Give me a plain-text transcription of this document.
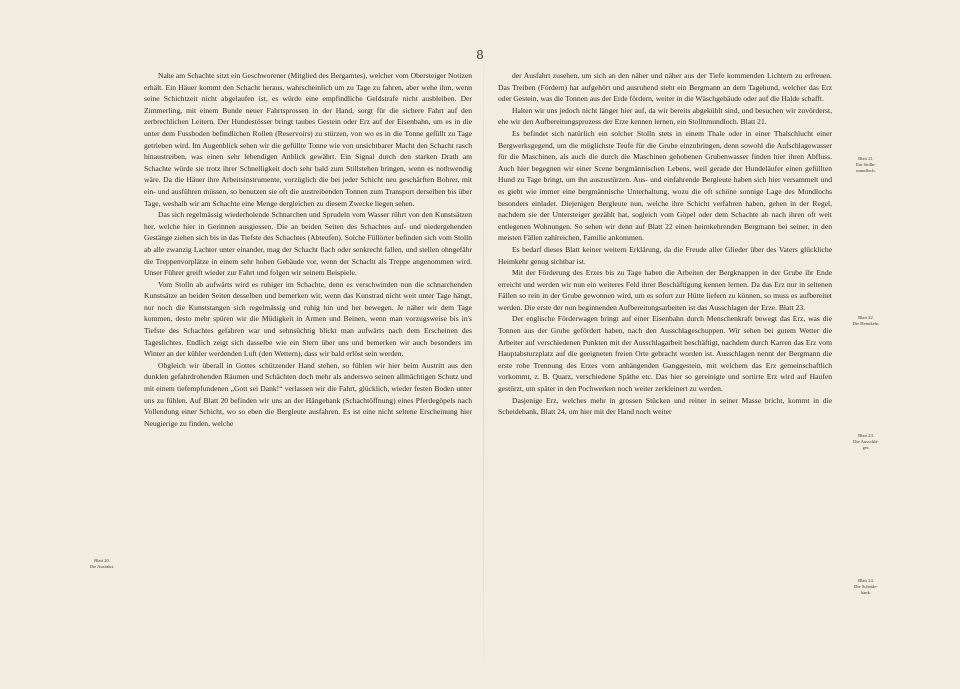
8

Nahe am Schachte sitzt ein Geschworener (Mitglied des Bergamtes), welcher vom Obersteiger Notizen erhält. Ein Häuer kommt den Schacht heraus, wahrscheinlich um zu Tage zu fahren, aber wehe ihm, wenn seine Schichtzeit nicht abgelaufen ist, es würde eine empfindliche Geldstrafe nicht ausbleiben. Der Zimmerling, mit einem Bunde neuer Fahrtsprossen in der Hand, sorgt für die sichere Fahrt auf den zerbrechlichen Leitern. Der Hundestösser bringt taubes Gestein oder Erz auf der Eisenbahn, um es in die unter dem Fussboden befindlichen Rollen (Reservoirs) zu stürzen, von wo es in die Tonne gefüllt zu Tage getrieben wird. Im Augenblick sehen wir die gefüllte Tonne wie von unsichtbarer Macht den Schacht rasch hinaustreiben, was einen sehr lebendigen Anblick gewährt. Ein Signal durch den starken Drath am Schachte würde sie trotz ihrer Schnelligkeit doch sehr bald zum Stillstehen bringen, wenn es nothwendig wäre. Da die Häuer ihre Arbeitsinstrumente, vorzüglich die bei jeder Schicht neu geschärften Bohrer, mit ein- und ausführen müssen, so benutzen sie oft die austreibenden Tonnen zum Transport derselben bis über Tage, weshalb wir am Schachte eine Menge dergleichen zu diesem Zwecke liegen sehen.

Das sich regelmässig wiederholende Schnarchen und Sprudeln vom Wasser rührt von den Kunstsätzen her, welche hier in Gerinnen ausgiessen. Die an beiden Seiten des Schachtes auf- und niedergehenden Gestänge ziehen sich bis in das Tiefste des Schachtes (Abteufen). Solche Füllörter befinden sich vom Stolln ab alle zwanzig Lachter unter einander, mag der Schacht flach oder senkrecht fallen, und stellen ohngefähr die Treppenvorplätze in einem sehr hohen Gebäude vor, wenn der Schacht als Treppe angenommen wird. Unser Führer greift wieder zur Fahrt und folgen wir seinem Beispiele.

Vom Stolln ab aufwärts wird es ruhiger im Schachte, denn es verschwinden nun die schnarchenden Kunstsätze an beiden Seiten desselben und bemerken wir, wenn das Kunstrad nicht weit unter Tage hängt, nur noch die Kunststangen sich regelmässig und ruhig hin und her bewegen. Je näher wir dem Tage kommen, desto mehr spüren wir die Müdigkeit in Armen und Beinen, wenn man vorzugsweise bis in's Tiefste des Schachtes gefahren war und sehnsüchtig blickt man aufwärts nach dem Erscheinen des Tageslichtes. Endlich zeigt sich dasselbe wie ein Stern über uns und bemerken wir auch besonders im Winter an der kühler werdenden Luft (den Wettern), dass wir bald erlöst sein werden.

Obgleich wir überall in Gottes schützender Hand stehen, so fühlen wir hier beim Austritt aus den dunklen gefahrdrohenden Räumen und Schächten doch mehr als anderswo seinen allmächtigen Schutz und mit einem tiefempfundenen „Gott sei Dank!“ verlassen wir die Fahrt, glücklich, wieder festen Boden unter uns zu fühlen. Auf Blatt 20 befinden wir uns an der Hängebank (Schachtöffnung) eines Pferdegöpels nach Vollendung einer Schicht, wo so eben die Bergleute ausfahren. Es ist eine nicht seltene Erscheinung hier Neugierige zu finden, welche

der Ausfahrt zusehen, um sich an den näher und näher aus der Tiefe kommenden Lichtern zu erfreuen. Das Treiben (Fördern) hat aufgehört und ausruhend steht ein Bergmann an dem Tagehund, welcher das Erz oder Gestein, was die Tonnen aus der Erde fördern, weiter in die Wäschgebäude oder auf die Halde schafft.

Halten wir uns jedoch nicht länger hier auf, da wir bereits abgekühlt sind, und besuchen wir zuvörderst, ehe wir den Aufbereitungsprozess der Erze kennen lernen, ein Stollnmundloch. Blatt 21.

Es befindet sich natürlich ein solcher Stolln stets in einem Thale oder in einer Thalschlucht einer Bergwerksgegend, um die möglichste Teufe für die Grube einzubringen, denn sowohl die Aufschlagewasser für die Maschinen, als auch die durch die Maschinen gehobenen Grubenwasser finden hier ihren Abfluss. Auch hier begegnen wir einer Scene bergmännischen Lebens, weil gerade der Hundeläufer einen gefüllten Hund zu Tage bringt, um ihn auszustürzen. Aus- und einfahrende Bergleute haben sich hier versammelt und es giebt wie immer eine bergmännische Unterhaltung, wozu die oft schöne sonnige Lage des Mundlochs besonders einladet. Diejenigen Bergleute nun, welche ihre Schicht verfahren haben, gehen in der Regel, nachdem sie der Untersteiger gezählt hat, sogleich vom Göpel oder dem Schachte ab nach ihren oft weit entlegenen Wohnungen. So sehen wir denn auf Blatt 22 einen heimkehrenden Bergmann bei seiner, in den meisten Fällen zahlreichen, Familie ankommen.

Es bedarf dieses Blatt keiner weitern Erklärung, da die Freude aller Glieder über des Vaters glückliche Heimkehr genug sichtbar ist.

Mit der Förderung des Erzes bis zu Tage haben die Arbeiten der Bergknappen in der Grube ihr Ende erreicht und werden wir nun ein weiteres Feld ihrer Beschäftigung kennen lernen. Da das Erz nur in seltenen Fällen so rein in der Grube gewonnen wird, um es sofort zur Hütte liefern zu können, so muss es aufbereitet werden. Die erste der nun beginnenden Aufbereitungsarbeiten ist das Ausschlagen der Erze. Blatt 23.

Der englische Förderwagen bringt auf einer Eisenbahn durch Menschenkraft bewegt das Erz, was die Tonnen aus der Grube gefördert haben, nach den Ausschlageschuppen. Wir sehen bei gutem Wetter die Arbeiter auf verschiedenen Punkten mit der Ausschlagarbeit beschäftigt, nachdem durch Karren das Erz vom Hauptabsturzplatz auf die geeigneten freien Orte gebracht worden ist. Ausschlagen nennt der Bergmann die erste rohe Trennung des Erzes vom anhängenden Ganggestein, mit welchem das Erz gemeinschaftlich vorkommt, z. B. Quarz, verschiedene Späthe etc. Das hier so gereinigte und sortirte Erz wird auf Haufen gestürzt, um später in den Pochwerken noch weiter zerkleinert zu werden.

Dasjenige Erz, welches mehr in grossen Stücken und reiner in seiner Masse bricht, kommt in die Scheidebank, Blatt 24, um hier mit der Hand noch weiter

Blatt 20.
Die Ausfahrt.
Blatt 21.
Ein Stolln-
mundloch.
Blatt 22.
Die Heimkehr.
Blatt 23.
Die Ausschlä-
ger.
Blatt 24.
Die Scheide-
bank.
